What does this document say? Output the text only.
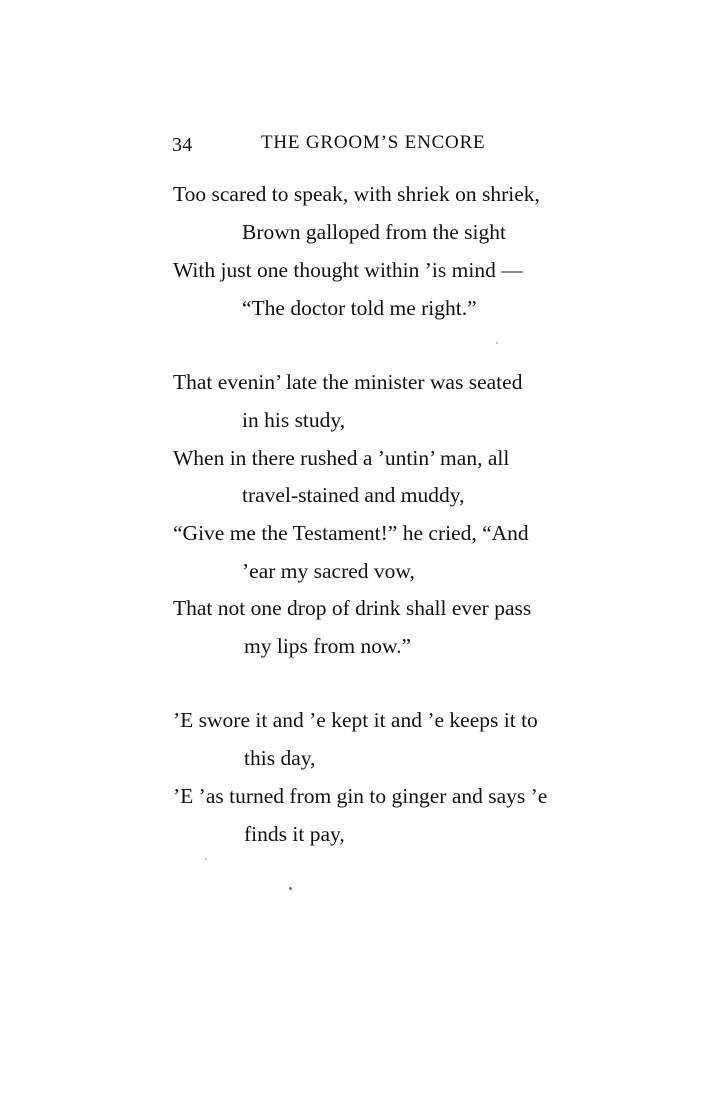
34	THE GROOM’S ENCORE
Too scared to speak, with shriek on shriek,
Brown galloped from the sight
With just one thought within ’is mind —
“The doctor told me right.”
That evenin’ late the minister was seated
in his study,
When in there rushed a ’untin’ man, all
travel-stained and muddy,
“Give me the Testament!” he cried, “And
’ear my sacred vow,
That not one drop of drink shall ever pass
my lips from now.”
’E swore it and ’e kept it and ’e keeps it to
this day,
’E ’as turned from gin to ginger and says ’e
finds it pay,
